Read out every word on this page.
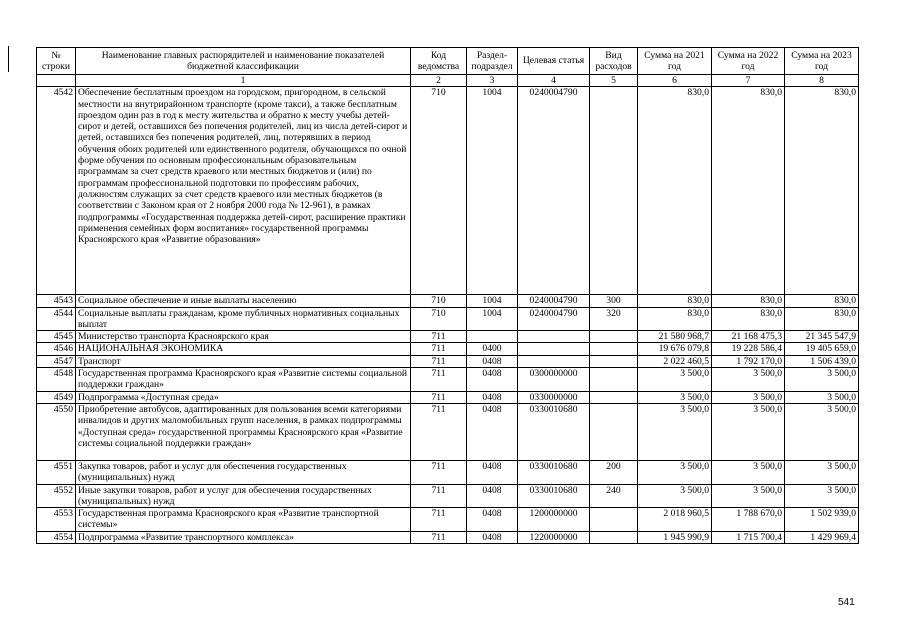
№ строки	Наименование главных распорядителей и наименование показателей бюджетной классификации	Код ведомства	Раздел-подраздел	Целевая статья	Вид расходов	Сумма на 2021 год	Сумма на 2022 год	Сумма на 2023 год
	1	2	3	4	5	6	7	8
4542	Обеспечение бесплатным проездом на городском, пригородном, в сельской местности на внутрирайонном транспорте (кроме такси), а также бесплатным проездом один раз в год к месту жительства и обратно к месту учебы детей-сирот и детей, оставшихся без попечения родителей, лиц из числа детей-сирот и детей, оставшихся без попечения родителей, лиц, потерявших в период обучения обоих родителей или единственного родителя, обучающихся по очной форме обучения по основным профессиональным образовательным программам за счет средств краевого или местных бюджетов и (или) по программам профессиональной подготовки по профессиям рабочих, должностям служащих за счет средств краевого или местных бюджетов (в соответствии с Законом края от 2 ноября 2000 года № 12-961), в рамках подпрограммы «Государственная поддержка детей-сирот, расширение практики применения семейных форм воспитания» государственной программы Красноярского края «Развитие образования»	710	1004	0240004790		830,0	830,0	830,0
4543	Социальное обеспечение и иные выплаты населению	710	1004	0240004790	300	830,0	830,0	830,0
4544	Социальные выплаты гражданам, кроме публичных нормативных социальных выплат	710	1004	0240004790	320	830,0	830,0	830,0
4545	Министерство транспорта Красноярского края	711				21 580 968,7	21 168 475,3	21 345 547,9
4546	НАЦИОНАЛЬНАЯ ЭКОНОМИКА	711	0400			19 676 079,8	19 228 586,4	19 405 659,0
4547	Транспорт	711	0408			2 022 460,5	1 792 170,0	1 506 439,0
4548	Государственная программа Красноярского края «Развитие системы социальной поддержки граждан»	711	0408	0300000000		3 500,0	3 500,0	3 500,0
4549	Подпрограмма «Доступная среда»	711	0408	0330000000		3 500,0	3 500,0	3 500,0
4550	Приобретение автобусов, адаптированных для пользования всеми категориями инвалидов и других маломобильных групп населения, в рамках подпрограммы «Доступная среда» государственной программы Красноярского края «Развитие системы социальной поддержки граждан»	711	0408	0330010680		3 500,0	3 500,0	3 500,0
4551	Закупка товаров, работ и услуг для обеспечения государственных (муниципальных) нужд	711	0408	0330010680	200	3 500,0	3 500,0	3 500,0
4552	Иные закупки товаров, работ и услуг для обеспечения государственных (муниципальных) нужд	711	0408	0330010680	240	3 500,0	3 500,0	3 500,0
4553	Государственная программа Красноярского края «Развитие транспортной системы»	711	0408	1200000000		2 018 960,5	1 788 670,0	1 502 939,0
4554	Подпрограмма «Развитие транспортного комплекса»	711	0408	1220000000		1 945 990,9	1 715 700,4	1 429 969,4
541
